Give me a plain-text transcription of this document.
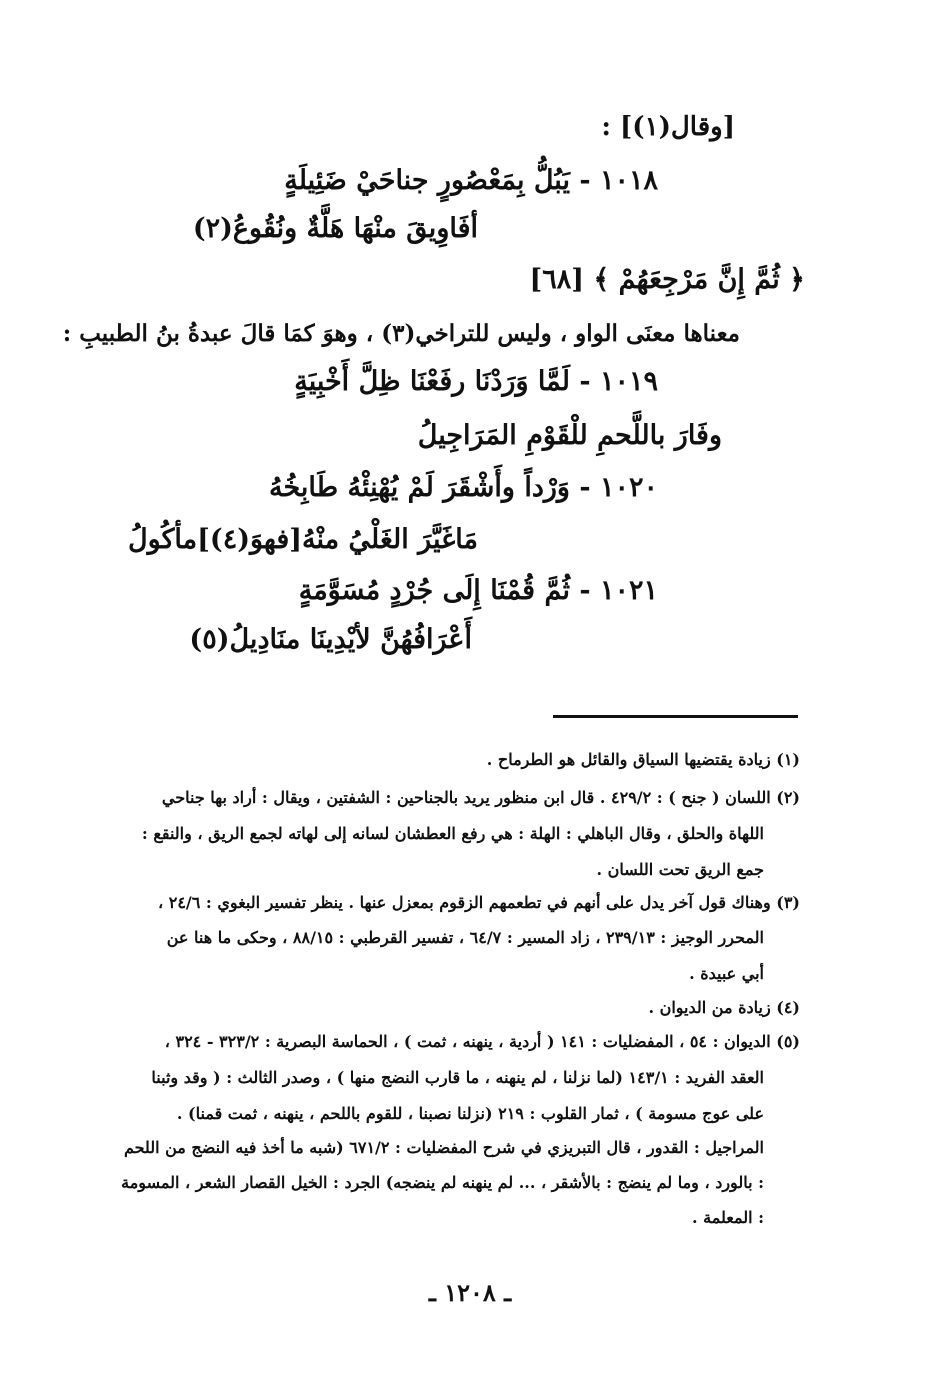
[وقال(١)] :
١٠١٨ - يَبُلُّ بِمَعْصُورٍ جناحَيْ ضَئِيلَةٍ
أفَاوِيقَ منْهَا هَلَّةٌ ونُقُوعُ(٢)
﴿ ثُمَّ إِنَّ مَرْجِعَهُمْ ﴾ [٦٨]
معناها معنَى الواو ، وليس للتراخي(٣) ، وهوَ كمَا قالَ عبدةُ بنُ الطبيبِ :
١٠١٩ - لَمَّا وَرَدْنَا رفَعْنَا ظِلَّ أَخْبِيَةٍ
وفَارَ باللَّحمِ للْقَوْمِ المَرَاجِيلُ
١٠٢٠ - وَرْداً وأَشْقَرَ لَمْ يُهْنِئْهُ طَابِخُهُ
مَاغَيَّرَ الغَلْيُ منْهُ[فهوَ(٤)]مأكُولُ
١٠٢١ - ثُمَّ قُمْنَا إِلَى جُرْدٍ مُسَوَّمَةٍ
أَعْرَافُهُنَّ لأيْدِينَا منَادِيلُ(٥)
(١) زيادة يقتضيها السياق والقائل هو الطرماح .
(٢) اللسان ( جنح ) : ٤٢٩/٢ . قال ابن منظور يريد بالجناحين : الشفتين ، ويقال : أراد بها جناحي
اللهاة والحلق ، وقال الباهلي : الهلة : هي رفع العطشان لسانه إلى لهاته لجمع الريق ، والنقع :
جمع الريق تحت اللسان .
(٣) وهناك قول آخر يدل على أنهم في تطعمهم الزقوم بمعزل عنها . ينظر تفسير البغوي : ٢٤/٦ ،
المحرر الوجيز : ٢٣٩/١٣ ، زاد المسير : ٦٤/٧ ، تفسير القرطبي : ٨٨/١٥ ، وحكى ما هنا عن
أبي عبيدة .
(٤) زيادة من الديوان .
(٥) الديوان : ٥٤ ، المفضليات : ١٤١ ( أردية ، ينهنه ، ثمت ) ، الحماسة البصرية : ٣٢٣/٢ - ٣٢٤ ،
العقد الفريد : ١٤٣/١ (لما نزلنا ، لم ينهنه ، ما قارب النضج منها ) ، وصدر الثالث : ( وقد وثبنا
على عوج مسومة ) ، ثمار القلوب : ٢١٩ (نزلنا نصبنا ، للقوم باللحم ، ينهنه ، ثمت قمنا) .
المراجيل : القدور ، قال التبريزي في شرح المفضليات : ٦٧١/٢ (شبه ما أخذ فيه النضج من اللحم
: بالورد ، وما لم ينضج : بالأشقر ، ... لم ينهنه لم ينضجه) الجرد : الخيل القصار الشعر ، المسومة
: المعلمة .
ـ ١٢٠٨ ـ
